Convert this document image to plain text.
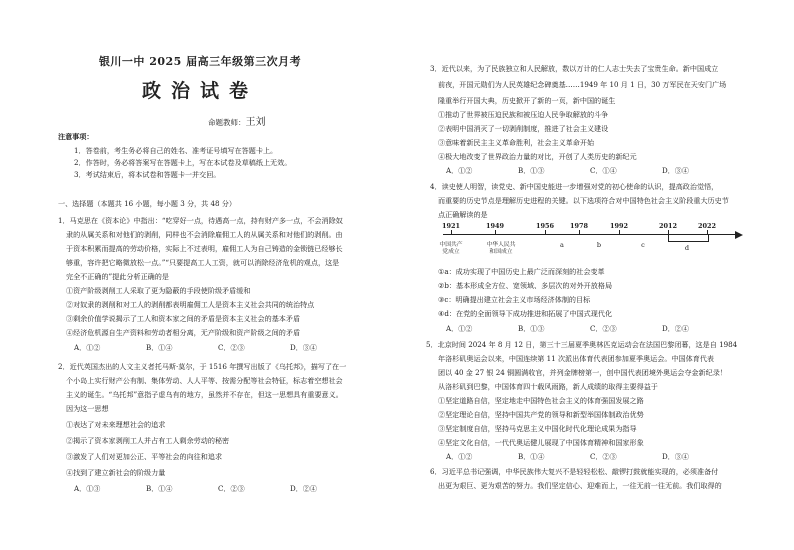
银川一中 2025 届高三年级第三次月考
政治试卷
命题教师：王刘
注意事项：
1．答卷前，考生务必将自己的姓名、准考证号填写在答题卡上。
2．作答时，务必将答案写在答题卡上，写在本试卷及草稿纸上无效。
3．考试结束后，将本试卷和答题卡一并交回。
一、选择题（本题共 16 小题，每小题 3 分，共 48 分）
1．马克思在《资本论》中指出：“吃穿好一点，待遇高一点，持有财产多一点，不会消除奴
隶的从属关系和对他们的剥削，同样也不会消除雇佣工人的从属关系和对他们的剥削。由
于资本积累而提高的劳动价格，实际上不过表明，雇佣工人为自己铸造的金锁链已经够长
够重，容许把它略微放松一点。”“只要提高工人工资，就可以消除经济危机的观点，这是
完全不正确的”提此分析正确的是
①资产阶级剥削工人采取了更为隐蔽的手段使阶级矛盾缓和
②对奴隶的剥削和对工人的剥削都表明雇佣工人是资本主义社会共同的统治特点
③剩余价值学说揭示了工人和资本家之间的矛盾是资本主义社会的基本矛盾
④经济危机源自生产资料和劳动者相分离，无产阶级和资产阶级之间的矛盾
A．①②	B．①④	C．②③	D．③④
2．近代英国杰出的人文主义者托马斯·莫尔，于 1516 年撰写出版了《乌托邦》，描写了在一
个小岛上实行财产公有制、集体劳动、人人平等、按需分配等社会特征，标志着空想社会
主义的诞生。“乌托邦”意指子虚乌有的地方，虽然并不存在，但这一思想具有重要意义。
因为这一思想
①表达了对未来理想社会的追求
②揭示了资本家剥削工人并占有工人剩余劳动的秘密
③激发了人们对更加公正、平等社会的向往和追求
④找到了建立新社会的阶级力量
A．①③	B．①④	C．②③	D．②④
3．近代以来，为了民族独立和人民解放，数以万计的仁人志士失去了宝贵生命。新中国成立
前夜，开国元勋们为人民英雄纪念碑奠基……1949 年 10 月 1 日，30 万军民在天安门广场
隆重举行开国大典，历史掀开了新的一页，新中国的诞生
①推动了世界被压迫民族和被压迫人民争取解放的斗争
②表明中国消灭了一切剥削制度，推进了社会主义建设
③意味着新民主主义革命胜利，社会主义革命开始
④极大地改变了世界政治力量的对比，开创了人类历史的新纪元
A．①②	B．①③	C．①④	D．③④
4．读史使人明智，读党史、新中国史能进一步增强对党的初心使命的认识，提高政治觉悟，
而重要的历史节点是理解历史进程的关键。以下选项符合对中国特色社会主义阶段重大历史节
点正确解读的是
1921	1949	1956 1978	1992	2012	2022
中国共产党成立
中华人民共和国成立
a	b	c	d
①a：成功实现了中国历史上最广泛而深刻的社会变革
②b：基本形成全方位、宽领域、多层次的对外开放格局
③c：明确提出建立社会主义市场经济体制的目标
④d：在党的全面领导下成功推进和拓展了中国式现代化
A．①②	B．①③	C．②③	D．②④
5．北京时间 2024 年 8 月 12 日，第三十三届夏季奥林匹克运动会在法国巴黎闭幕，这是自 1984
年洛杉矶奥运会以来，中国连续第 11 次派出体育代表团参加夏季奥运会。中国体育代表
团以 40 金 27 银 24 铜圆满收官，并列金牌榜第一，创中国代表团境外奥运会夺金新纪录！
从洛杉矶到巴黎，中国体育四十载风雨路，新人成绩的取得主要得益于
①坚定道路自信，坚定地走中国特色社会主义的体育强国发展之路
②坚定理论自信，坚持中国共产党的领导和新型举国体制政治优势
③坚定制度自信，坚持马克思主义中国化时代化理论成果为指导
④坚定文化自信，一代代奥运健儿展现了中国体育精神和国家形象
A．①②	B．①④	C．②③	D．③④
6．习近平总书记强调，中华民族伟大复兴不是轻轻松松、敲锣打鼓就能实现的，必须准备付
出更为艰巨、更为艰苦的努力。我们坚定信心、迎难而上，一往无前一往无前。我们取得的
